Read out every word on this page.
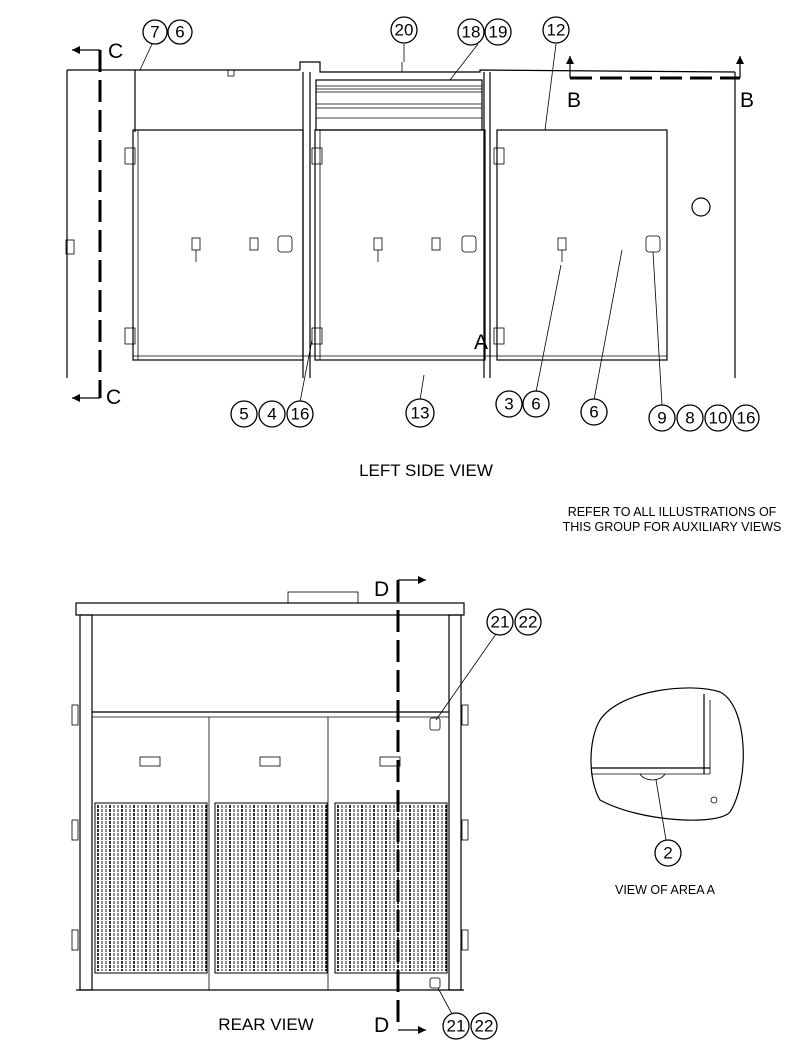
A
C
C
B	B
7 6	20	18 19 12
5 4 16	13	3 6	6	9 8 10 16
LEFT SIDE VIEW
REFER TO ALL ILLUSTRATIONS OF
THIS GROUP FOR AUXILIARY VIEWS
D
D
21 22
21 22
REAR VIEW
2
VIEW OF AREA A
